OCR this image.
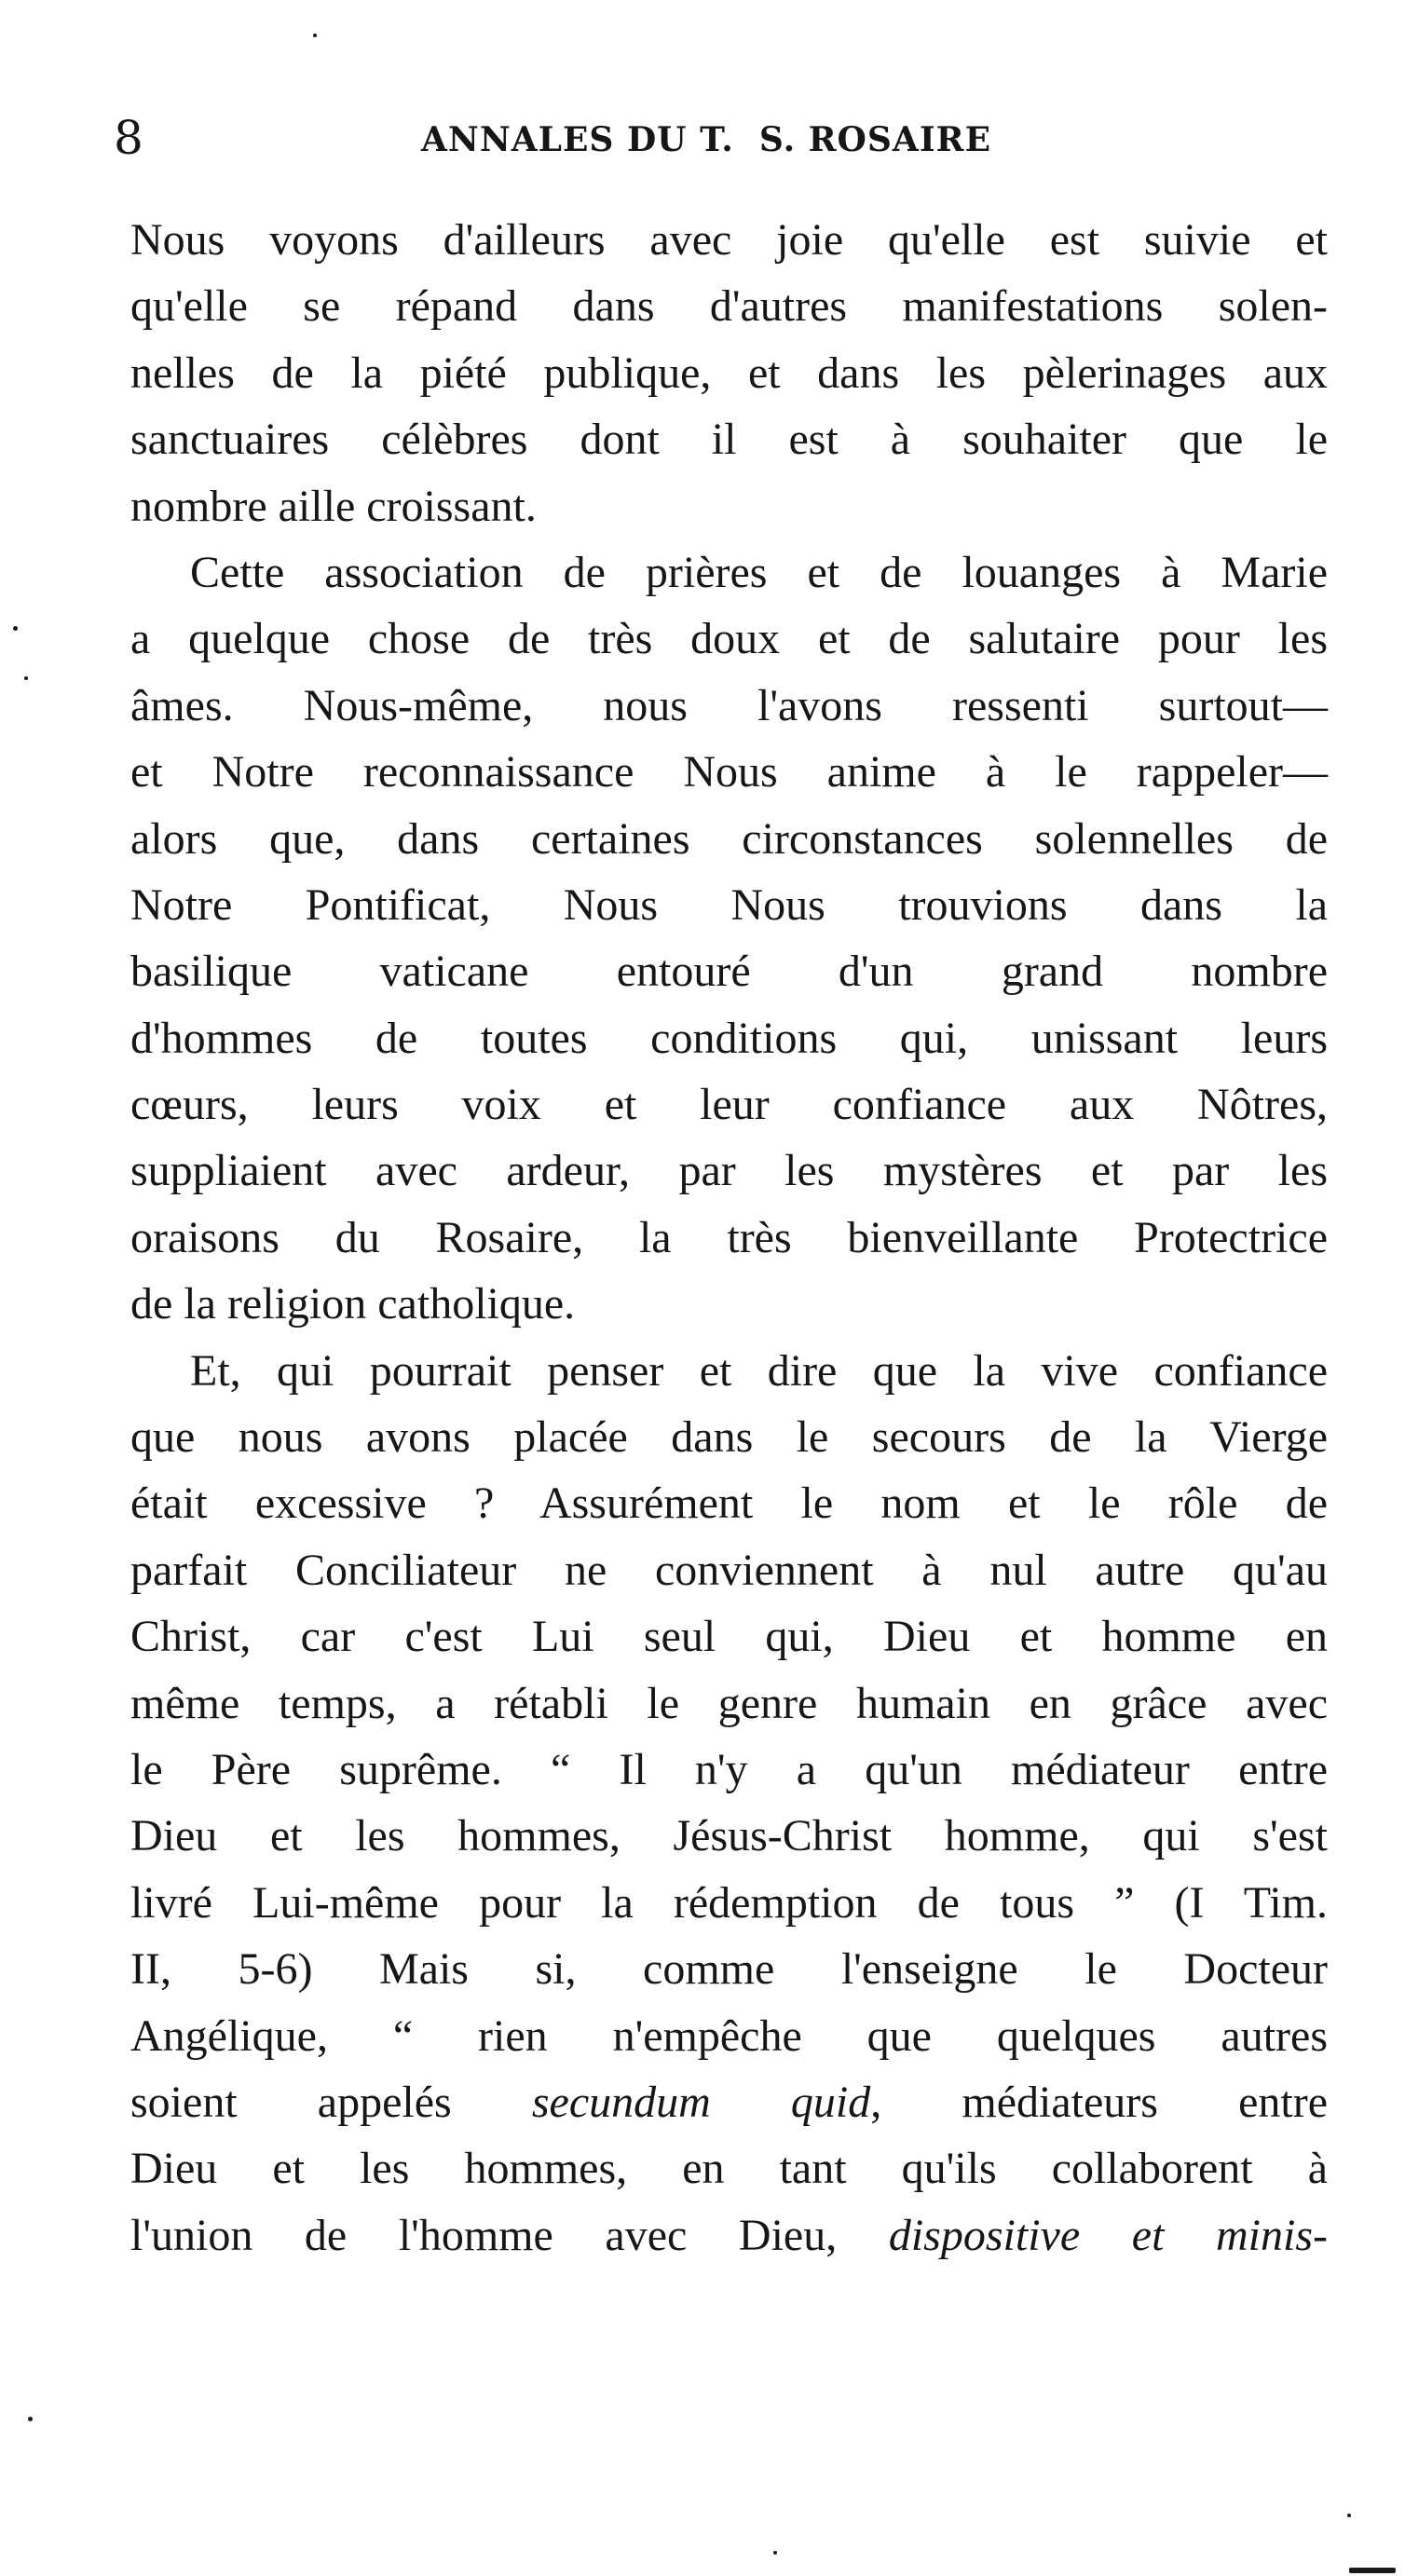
8	ANNALES DU T.  S. ROSAIRE
Nous voyons d'ailleurs avec joie qu'elle est suivie et
qu'elle se répand dans d'autres manifestations solen-
nelles de la piété publique, et dans les pèlerinages aux
sanctuaires célèbres dont il est à souhaiter que le
nombre aille croissant.
Cette association de prières et de louanges à Marie
a quelque chose de très doux et de salutaire pour les
âmes. Nous-même, nous l'avons ressenti surtout—
et Notre reconnaissance Nous anime à le rappeler—
alors que, dans certaines circonstances solennelles de
Notre Pontificat, Nous Nous trouvions dans la
basilique vaticane entouré d'un grand nombre
d'hommes de toutes conditions qui, unissant leurs
cœurs, leurs voix et leur confiance aux Nôtres,
suppliaient avec ardeur, par les mystères et par les
oraisons du Rosaire, la très bienveillante Protectrice
de la religion catholique.
Et, qui pourrait penser et dire que la vive confiance
que nous avons placée dans le secours de la Vierge
était excessive ? Assurément le nom et le rôle de
parfait Conciliateur ne conviennent à nul autre qu'au
Christ, car c'est Lui seul qui, Dieu et homme en
même temps, a rétabli le genre humain en grâce avec
le Père suprême. “ Il n'y a qu'un médiateur entre
Dieu et les hommes, Jésus-Christ homme, qui s'est
livré Lui-même pour la rédemption de tous ” (I Tim.
II, 5-6) Mais si, comme l'enseigne le Docteur
Angélique, “ rien n'empêche que quelques autres
soient appelés secundum quid, médiateurs entre
Dieu et les hommes, en tant qu'ils collaborent à
l'union de l'homme avec Dieu, dispositive et minis-
